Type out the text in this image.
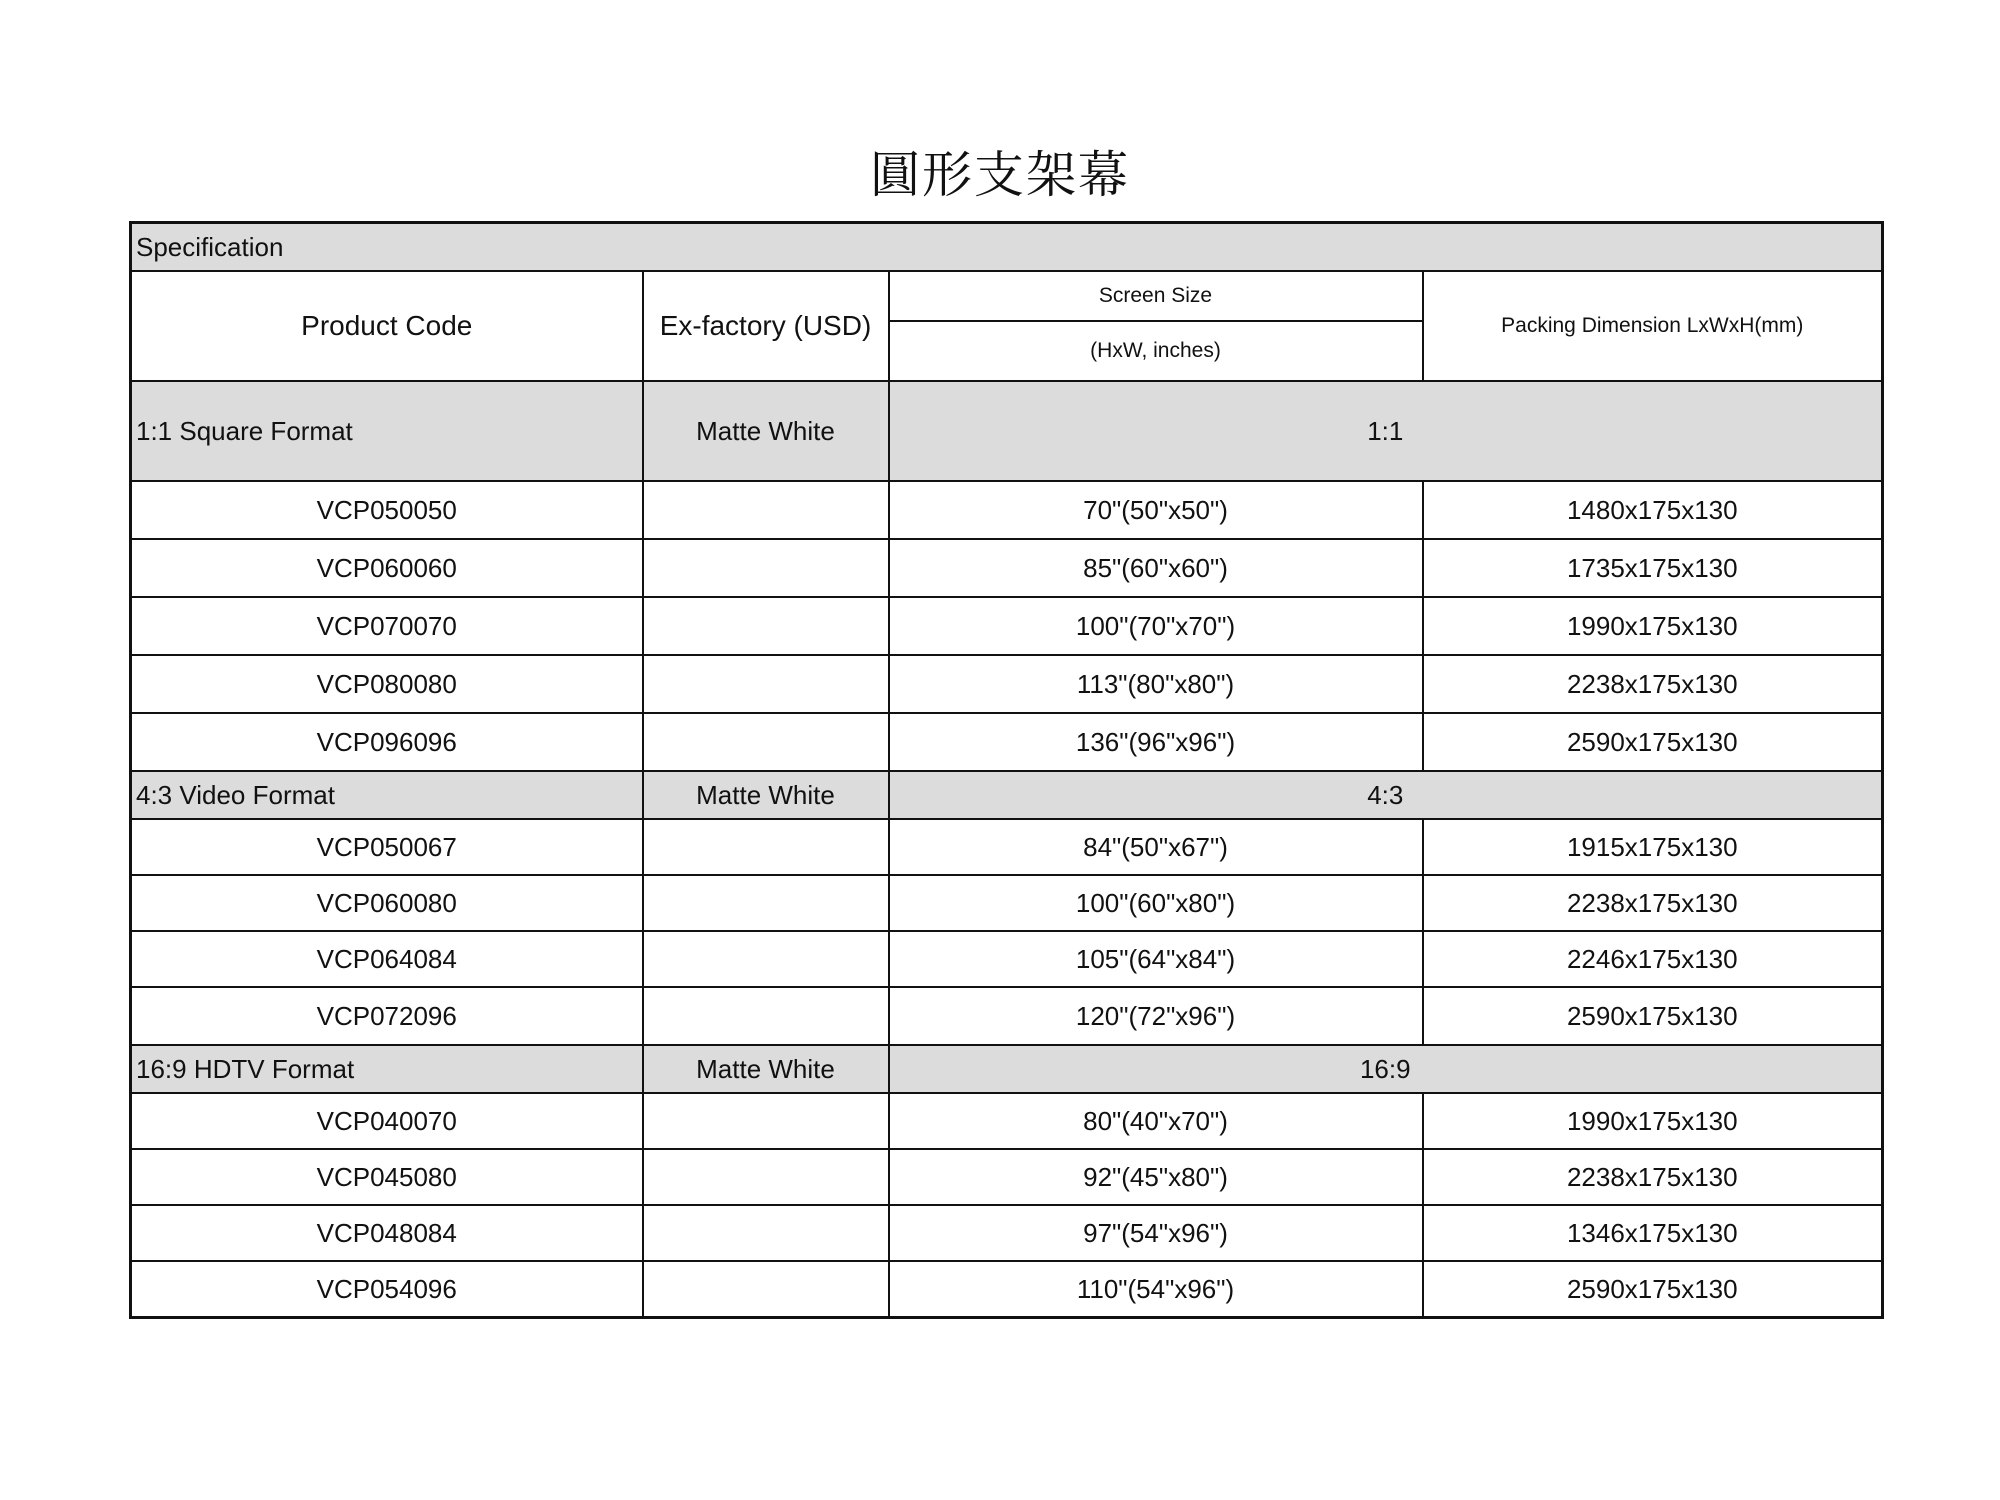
圓形支架幕
Specification			
Product Code	Ex-factory (USD)	Screen Size	Packing Dimension LxWxH(mm)
		(HxW, inches)	
1:1 Square Format	Matte White	1:1	
VCP050050		70"(50"x50")	1480x175x130
VCP060060		85"(60"x60")	1735x175x130
VCP070070		100"(70"x70")	1990x175x130
VCP080080		113"(80"x80")	2238x175x130
VCP096096		136"(96"x96")	2590x175x130
4:3 Video Format	Matte White	4:3	
VCP050067		84"(50"x67")	1915x175x130
VCP060080		100"(60"x80")	2238x175x130
VCP064084		105"(64"x84")	2246x175x130
VCP072096		120"(72"x96")	2590x175x130
16:9 HDTV Format	Matte White	16:9	
VCP040070		80"(40"x70")	1990x175x130
VCP045080		92"(45"x80")	2238x175x130
VCP048084		97"(54"x96")	1346x175x130
VCP054096		110"(54"x96")	2590x175x130
